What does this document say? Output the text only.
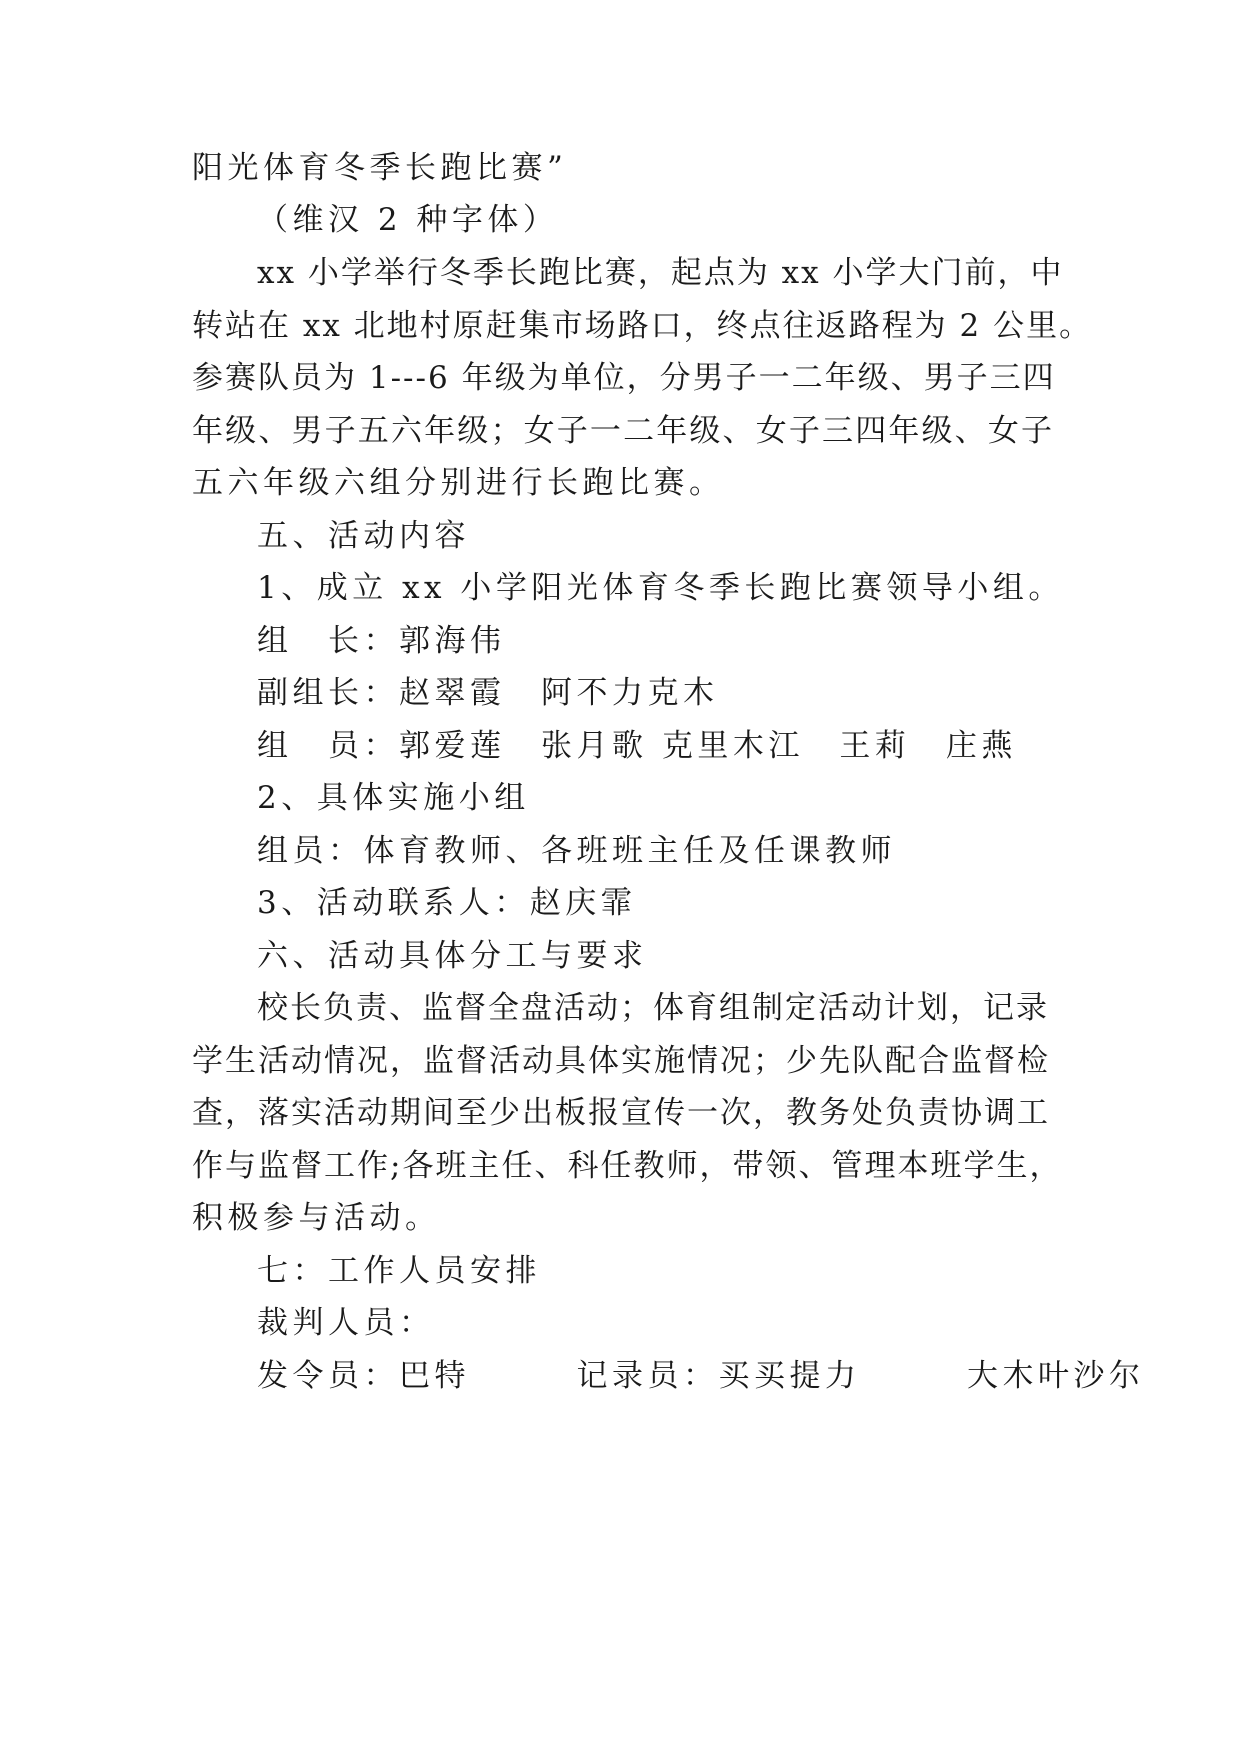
阳光体育冬季长跑比赛”
（维汉 2 种字体）
xx 小学举行冬季长跑比赛，起点为 xx 小学大门前，中
转站在 xx 北地村原赶集市场路口，终点往返路程为 2 公里。
参赛队员为 1---6 年级为单位，分男子一二年级、男子三四
年级、男子五六年级；女子一二年级、女子三四年级、女子
五六年级六组分别进行长跑比赛。
五、活动内容
1、成立 xx 小学阳光体育冬季长跑比赛领导小组。
组　长：郭海伟
副组长：赵翠霞　阿不力克木
组　员：郭爱莲　张月歌 克里木江　王莉　庄燕
2、具体实施小组
组员：体育教师、各班班主任及任课教师
3、活动联系人：赵庆霏
六、活动具体分工与要求
校长负责、监督全盘活动；体育组制定活动计划，记录
学生活动情况，监督活动具体实施情况；少先队配合监督检
查，落实活动期间至少出板报宣传一次，教务处负责协调工
作与监督工作;各班主任、科任教师，带领、管理本班学生，
积极参与活动。
七：工作人员安排
裁判人员：
发令员：巴特　　　记录员：买买提力　　　大木叶沙尔
